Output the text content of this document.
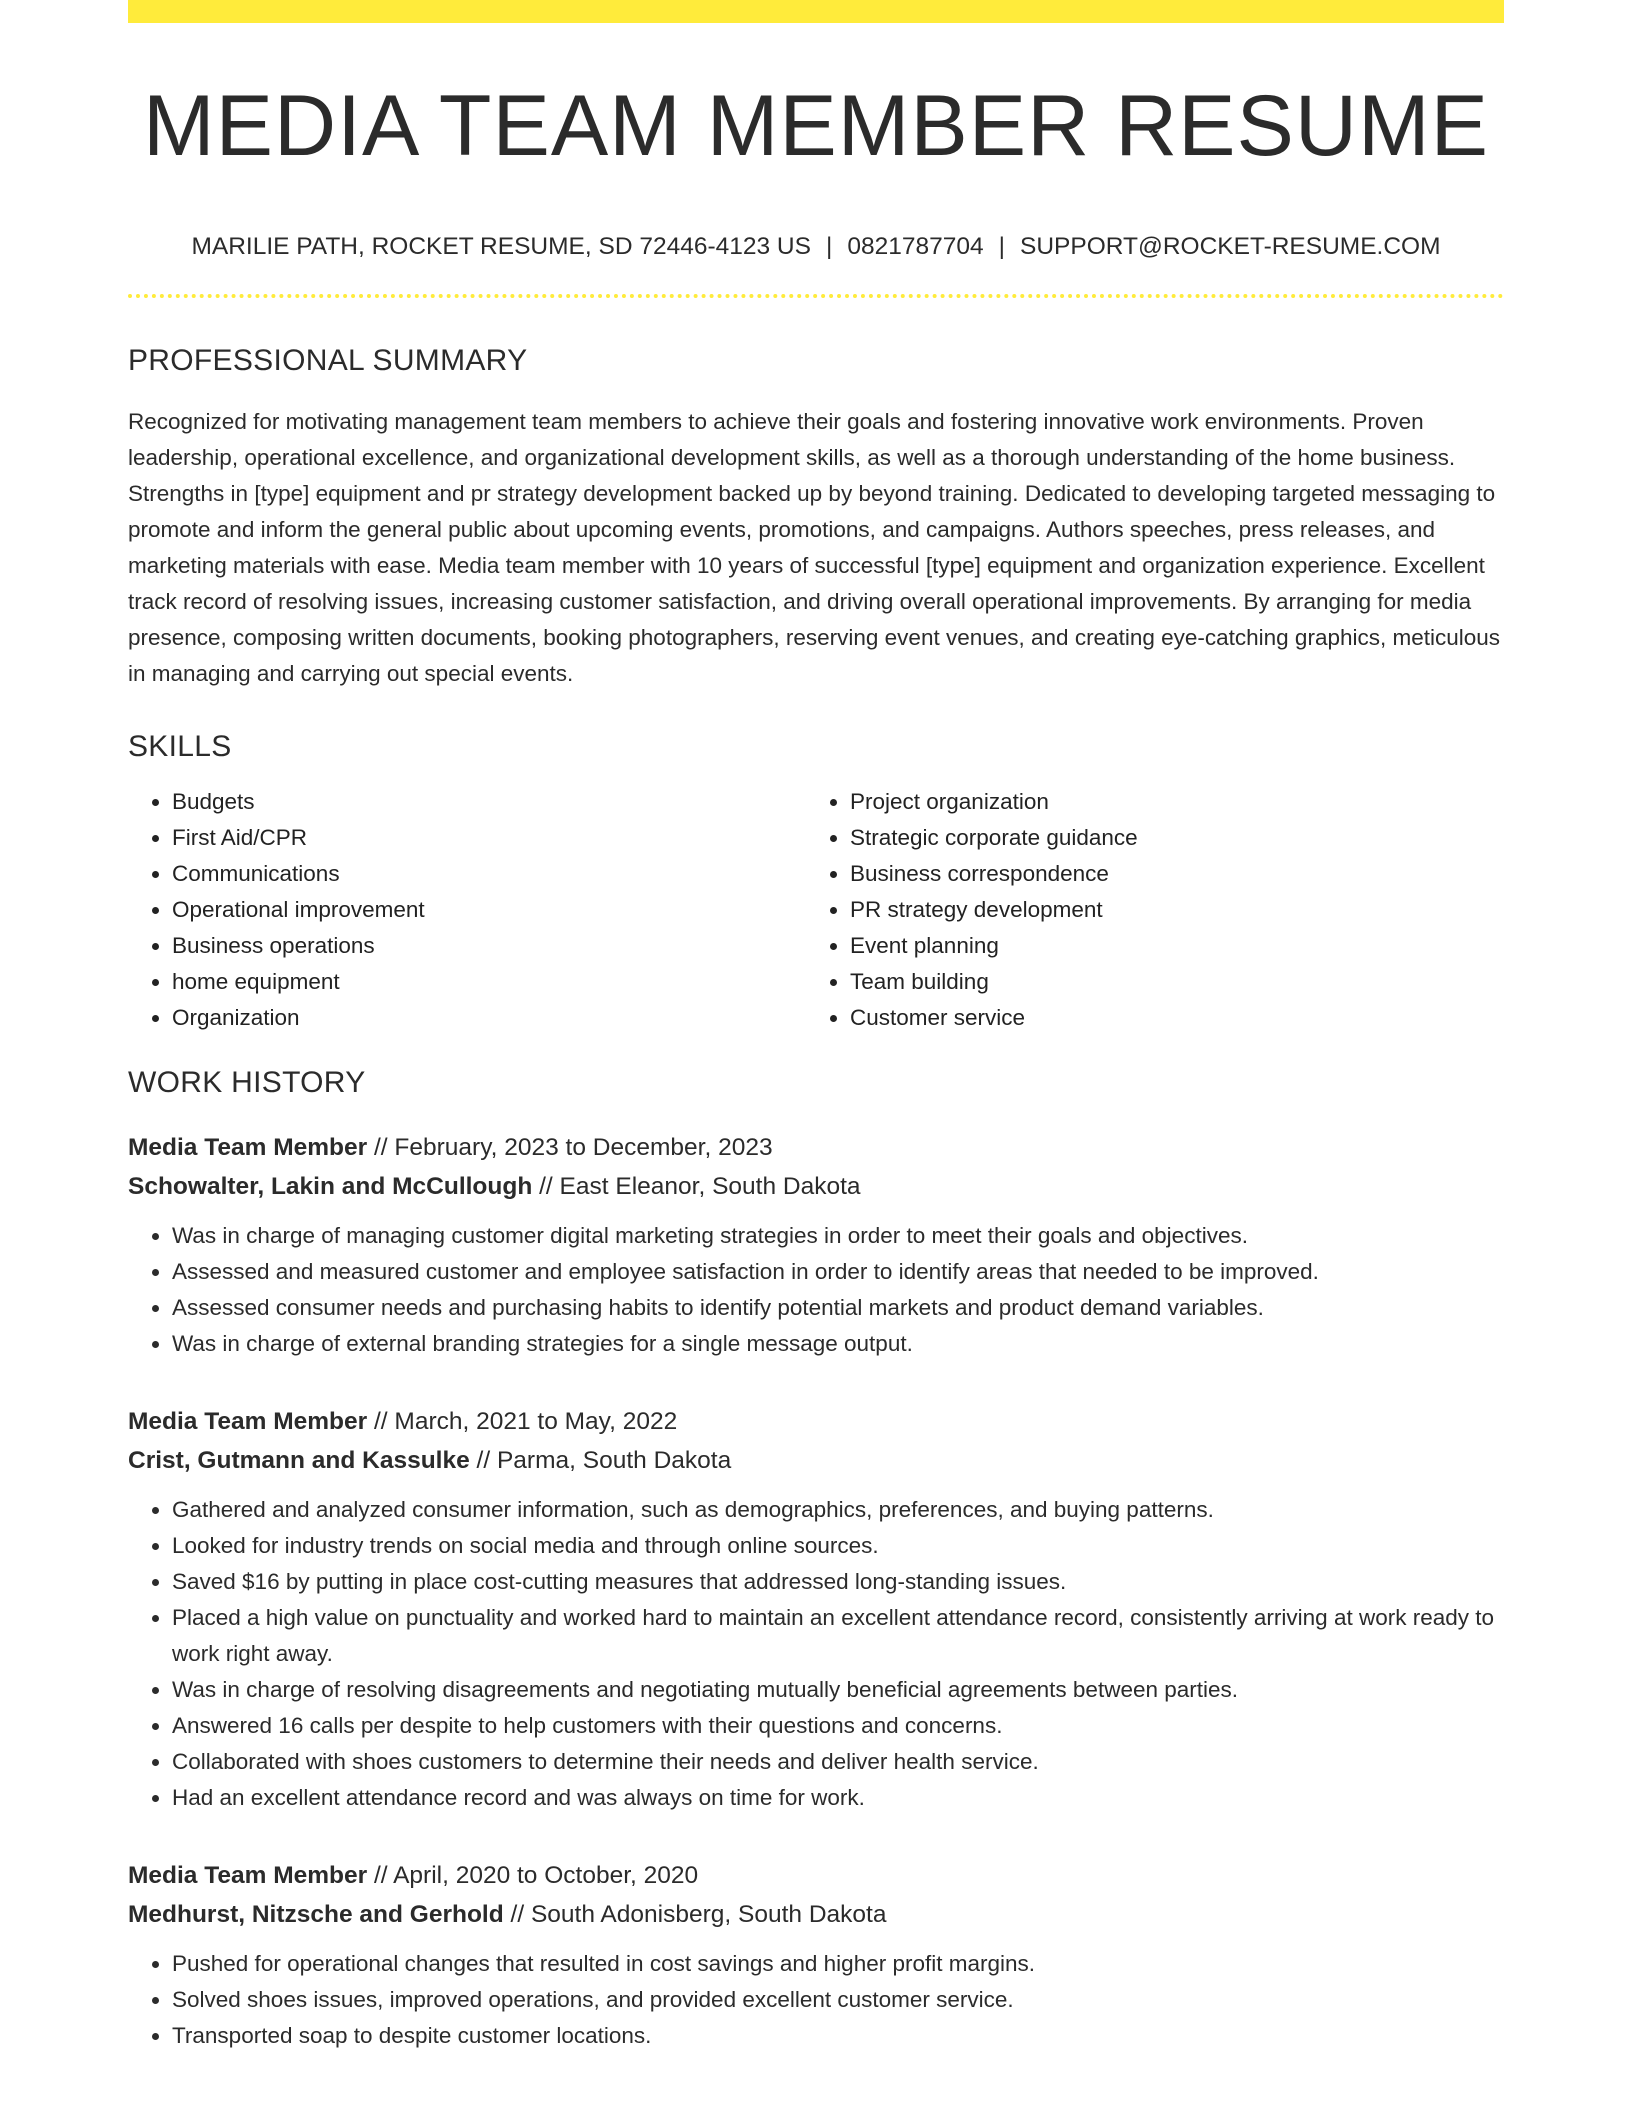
MEDIA TEAM MEMBER RESUME
MARILIE PATH, ROCKET RESUME, SD 72446-4123 US | 0821787704 | SUPPORT@ROCKET-RESUME.COM
PROFESSIONAL SUMMARY

Recognized for motivating management team members to achieve their goals and fostering innovative work environments. Proven leadership, operational excellence, and organizational development skills, as well as a thorough understanding of the home business. Strengths in [type] equipment and pr strategy development backed up by beyond training. Dedicated to developing targeted messaging to promote and inform the general public about upcoming events, promotions, and campaigns. Authors speeches, press releases, and marketing materials with ease. Media team member with 10 years of successful [type] equipment and organization experience. Excellent track record of resolving issues, increasing customer satisfaction, and driving overall operational improvements. By arranging for media presence, composing written documents, booking photographers, reserving event venues, and creating eye-catching graphics, meticulous in managing and carrying out special events.

SKILLS
• Budgets
• First Aid/CPR
• Communications
• Operational improvement
• Business operations
• home equipment
• Organization
• Project organization
• Strategic corporate guidance
• Business correspondence
• PR strategy development
• Event planning
• Team building
• Customer service
WORK HISTORY
Media Team Member // February, 2023 to December, 2023
Schowalter, Lakin and McCullough // East Eleanor, South Dakota
• Was in charge of managing customer digital marketing strategies in order to meet their goals and objectives.
• Assessed and measured customer and employee satisfaction in order to identify areas that needed to be improved.
• Assessed consumer needs and purchasing habits to identify potential markets and product demand variables.
• Was in charge of external branding strategies for a single message output.
Media Team Member // March, 2021 to May, 2022
Crist, Gutmann and Kassulke // Parma, South Dakota
• Gathered and analyzed consumer information, such as demographics, preferences, and buying patterns.
• Looked for industry trends on social media and through online sources.
• Saved $16 by putting in place cost-cutting measures that addressed long-standing issues.
• Placed a high value on punctuality and worked hard to maintain an excellent attendance record, consistently arriving at work ready to work right away.
• Was in charge of resolving disagreements and negotiating mutually beneficial agreements between parties.
• Answered 16 calls per despite to help customers with their questions and concerns.
• Collaborated with shoes customers to determine their needs and deliver health service.
• Had an excellent attendance record and was always on time for work.
Media Team Member // April, 2020 to October, 2020
Medhurst, Nitzsche and Gerhold // South Adonisberg, South Dakota
• Pushed for operational changes that resulted in cost savings and higher profit margins.
• Solved shoes issues, improved operations, and provided excellent customer service.
• Transported soap to despite customer locations.
